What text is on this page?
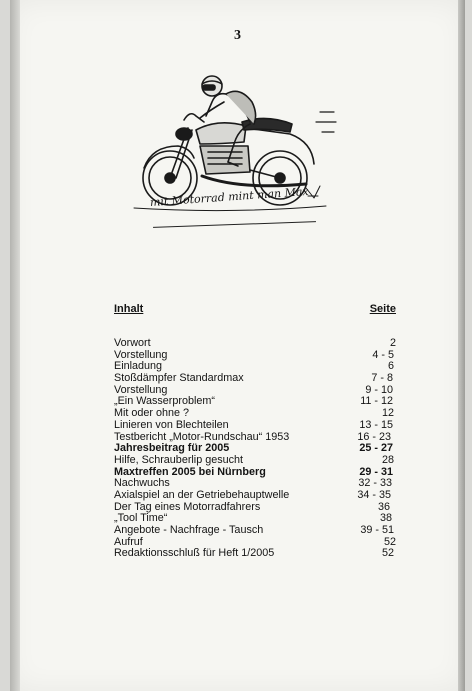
3
mit Motorrad mint man Max
Inhalt	Seite
Vorwort	2
Vorstellung	4 - 5
Einladung	6
Stoßdämpfer Standardmax	7 - 8
Vorstellung	9 - 10
„Ein Wasserproblem“	11 - 12
Mit oder ohne ?	12
Linieren von Blechteilen	13 - 15
Testbericht „Motor-Rundschau“ 1953	16 - 23
Jahresbeitrag für 2005	25 - 27
Hilfe, Schrauberlip gesucht	28
Maxtreffen 2005 bei Nürnberg	29 - 31
Nachwuchs	32 - 33
Axialspiel an der Getriebehauptwelle	34 - 35
Der Tag eines Motorradfahrers	36
„Tool Time“	38
Angebote - Nachfrage - Tausch	39 - 51
Aufruf	52
Redaktionsschluß für Heft 1/2005	52
